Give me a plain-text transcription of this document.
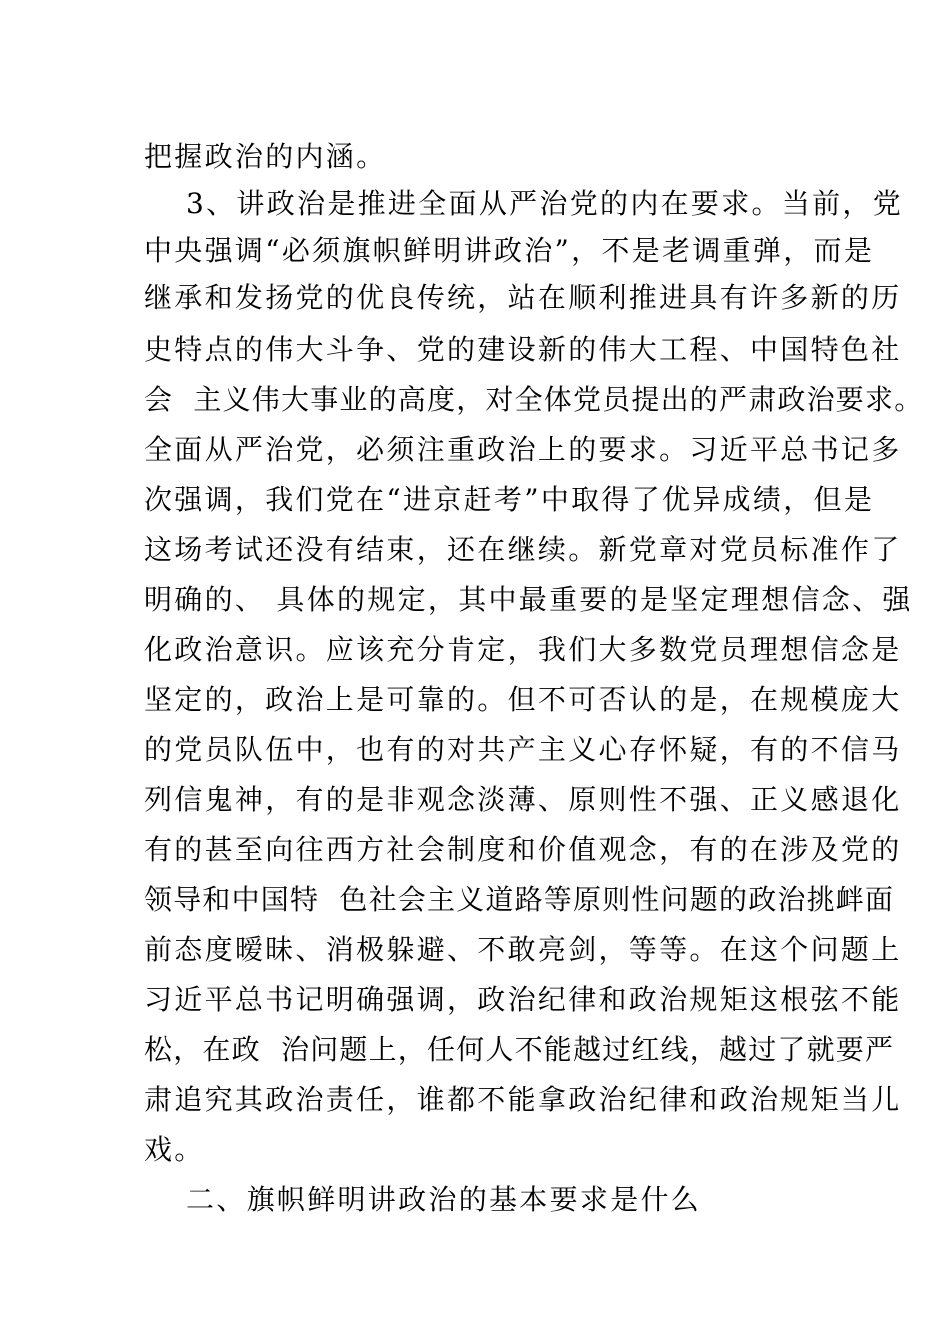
把握政治的内涵。
3、讲政治是推进全面从严治党的内在要求。当前，党
中央强调“必须旗帜鲜明讲政治”，不是老调重弹，而是
继承和发扬党的优良传统，站在顺利推进具有许多新的历
史特点的伟大斗争、党的建设新的伟大工程、中国特色社
会  主义伟大事业的高度，对全体党员提出的严肃政治要求。
全面从严治党，必须注重政治上的要求。习近平总书记多
次强调，我们党在“进京赶考”中取得了优异成绩，但是
这场考试还没有结束，还在继续。新党章对党员标准作了
明确的、 具体的规定，其中最重要的是坚定理想信念、强
化政治意识。应该充分肯定，我们大多数党员理想信念是
坚定的，政治上是可靠的。但不可否认的是，在规模庞大
的党员队伍中，也有的对共产主义心存怀疑，有的不信马
列信鬼神，有的是非观念淡薄、原则性不强、正义感退化
有的甚至向往西方社会制度和价值观念，有的在涉及党的
领导和中国特  色社会主义道路等原则性问题的政治挑衅面
前态度暧昧、消极躲避、不敢亮剑，等等。在这个问题上
习近平总书记明确强调，政治纪律和政治规矩这根弦不能
松，在政  治问题上，任何人不能越过红线，越过了就要严
肃追究其政治责任，谁都不能拿政治纪律和政治规矩当儿
戏。
二、旗帜鲜明讲政治的基本要求是什么
